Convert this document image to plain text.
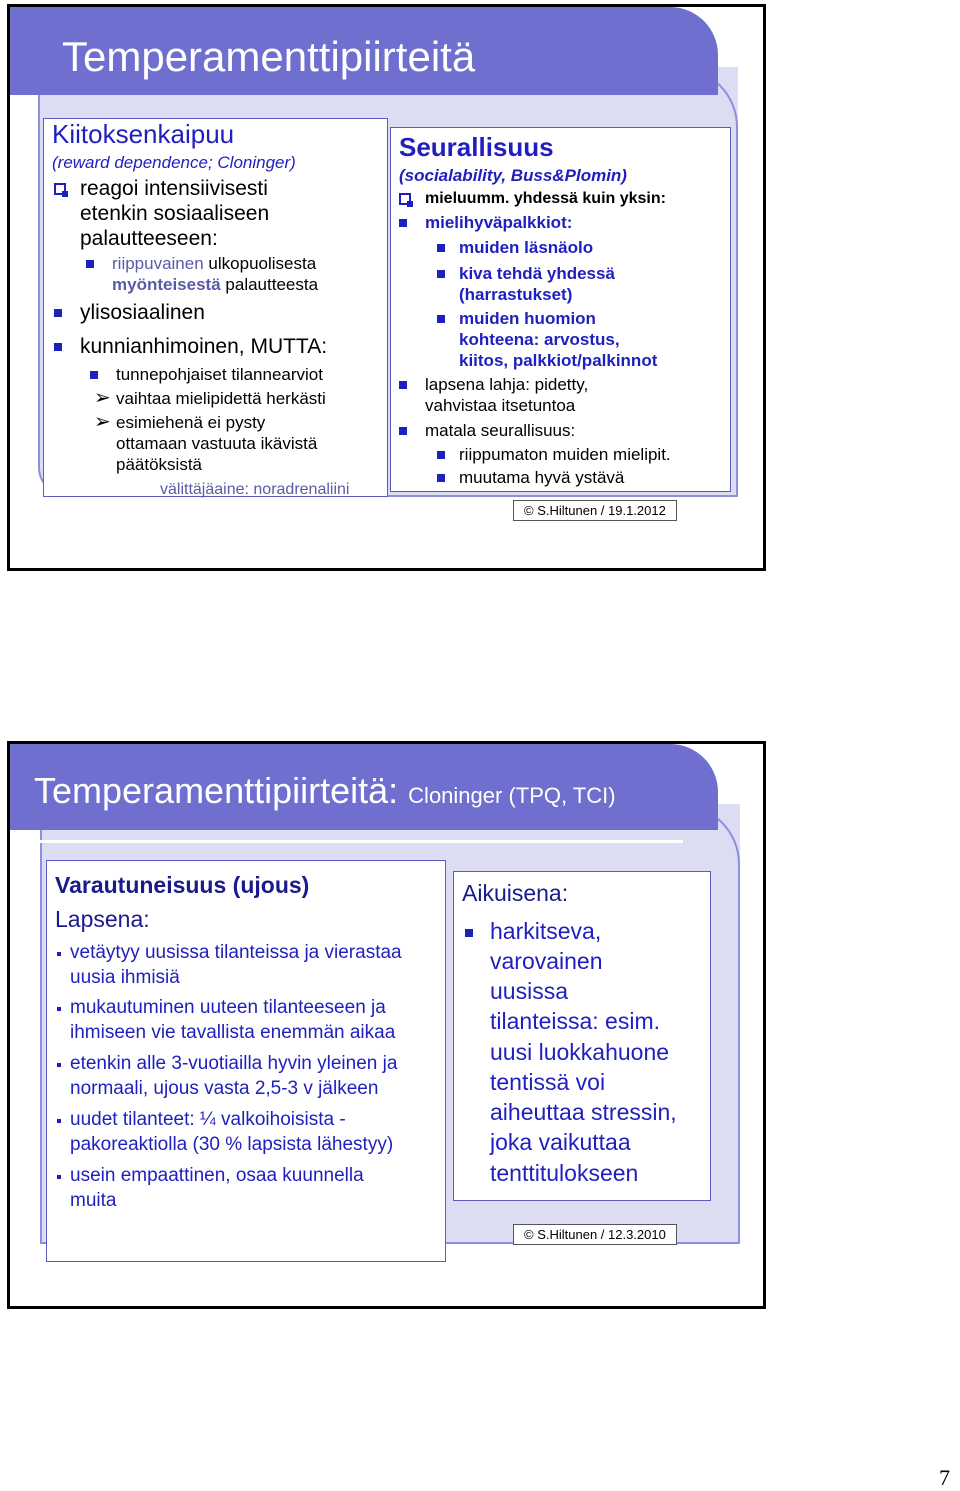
Temperamenttipiirteitä
Kiitoksenkaipuu
(reward dependence; Cloninger)
reagoi intensiivisesti
etenkin sosiaaliseen
palautteeseen:
riippuvainen ulkopuolisesta
myönteisestä palautteesta
ylisosiaalinen
kunnianhimoinen, MUTTA:
tunnepohjaiset tilannearviot
➢ vaihtaa mielipidettä herkästi
➢ esimiehenä ei pysty
ottamaan vastuuta ikävistä
päätöksistä
välittäjäaine: noradrenaliini
Seurallisuus
(socialability, Buss&Plomin)
mieluumm. yhdessä kuin yksin:
mielihyväpalkkiot:
muiden läsnäolo
kiva tehdä yhdessä
(harrastukset)
muiden huomion
kohteena: arvostus,
kiitos, palkkiot/palkinnot
lapsena lahja: pidetty,
vahvistaa itsetuntoa
matala seurallisuus:
riippumaton muiden mielipit.
muutama hyvä ystävä
© S.Hiltunen / 19.1.2012
Temperamenttipiirteitä: Cloninger (TPQ, TCI)
Varautuneisuus (ujous)
Lapsena:
vetäytyy uusissa tilanteissa ja vierastaa
uusia ihmisiä
mukautuminen uuteen tilanteeseen ja
ihmiseen vie tavallista enemmän aikaa
etenkin alle 3-vuotiailla hyvin yleinen ja
normaali, ujous vasta 2,5-3 v jälkeen
uudet tilanteet: ¼ valkoihoisista -
pakoreaktiolla (30 % lapsista lähestyy)
usein empaattinen, osaa kuunnella
muita
Aikuisena:
harkitseva,
varovainen
uusissa
tilanteissa: esim.
uusi luokkahuone
tentissä voi
aiheuttaa stressin,
joka vaikuttaa
tenttitulokseen
© S.Hiltunen / 12.3.2010
7
